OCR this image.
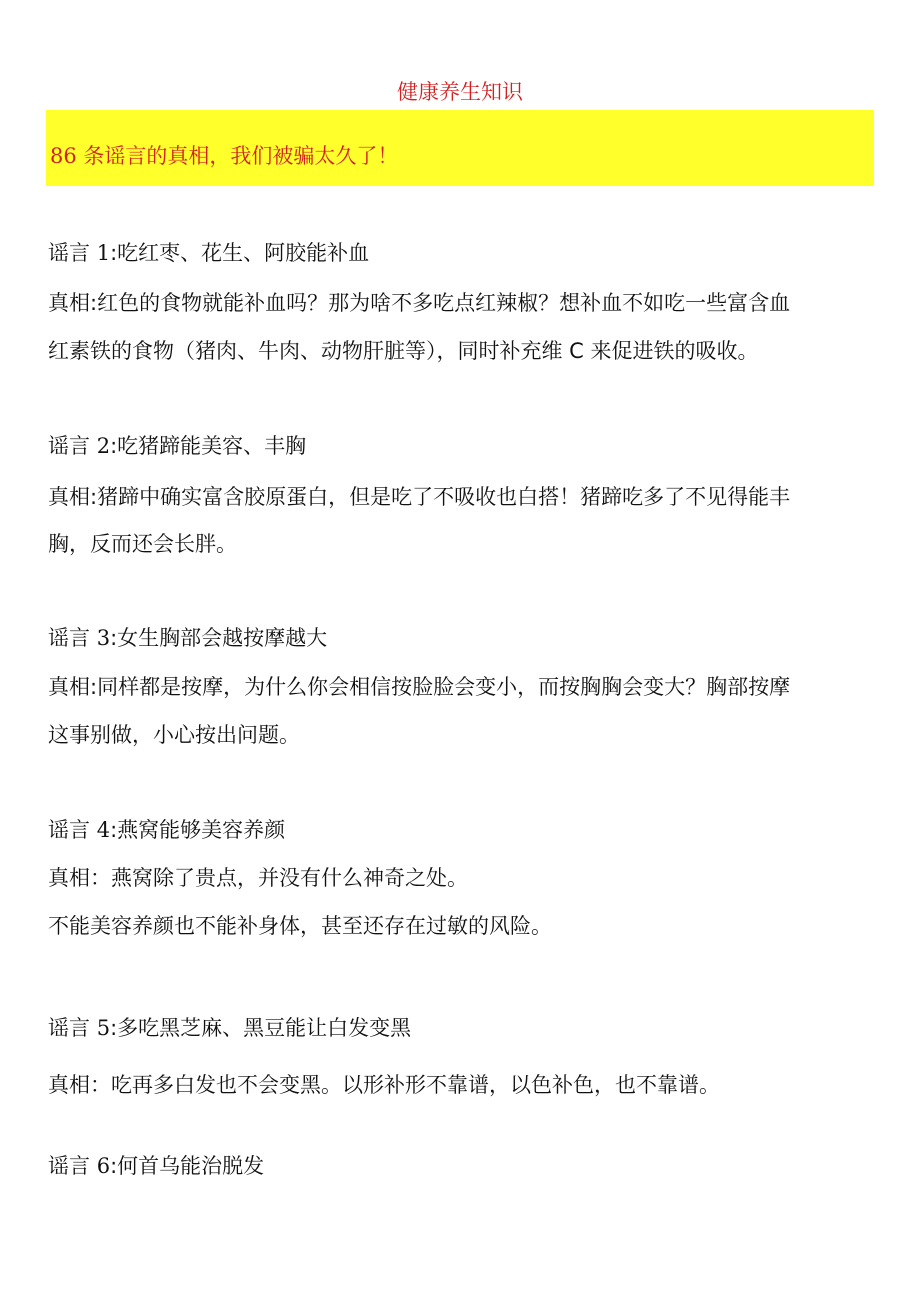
健康养生知识
86 条谣言的真相，我们被骗太久了！
谣言 1:吃红枣、花生、阿胶能补血
真相:红色的食物就能补血吗？那为啥不多吃点红辣椒？想补血不如吃一些富含血
红素铁的食物（猪肉、牛肉、动物肝脏等），同时补充维 C 来促进铁的吸收。
谣言 2:吃猪蹄能美容、丰胸
真相:猪蹄中确实富含胶原蛋白，但是吃了不吸收也白搭！猪蹄吃多了不见得能丰
胸，反而还会长胖。
谣言 3:女生胸部会越按摩越大
真相:同样都是按摩，为什么你会相信按脸脸会变小，而按胸胸会变大？胸部按摩
这事别做，小心按出问题。
谣言 4:燕窝能够美容养颜
真相：燕窝除了贵点，并没有什么神奇之处。
不能美容养颜也不能补身体，甚至还存在过敏的风险。
谣言 5:多吃黑芝麻、黑豆能让白发变黑
真相：吃再多白发也不会变黑。以形补形不靠谱，以色补色，也不靠谱。
谣言 6:何首乌能治脱发
